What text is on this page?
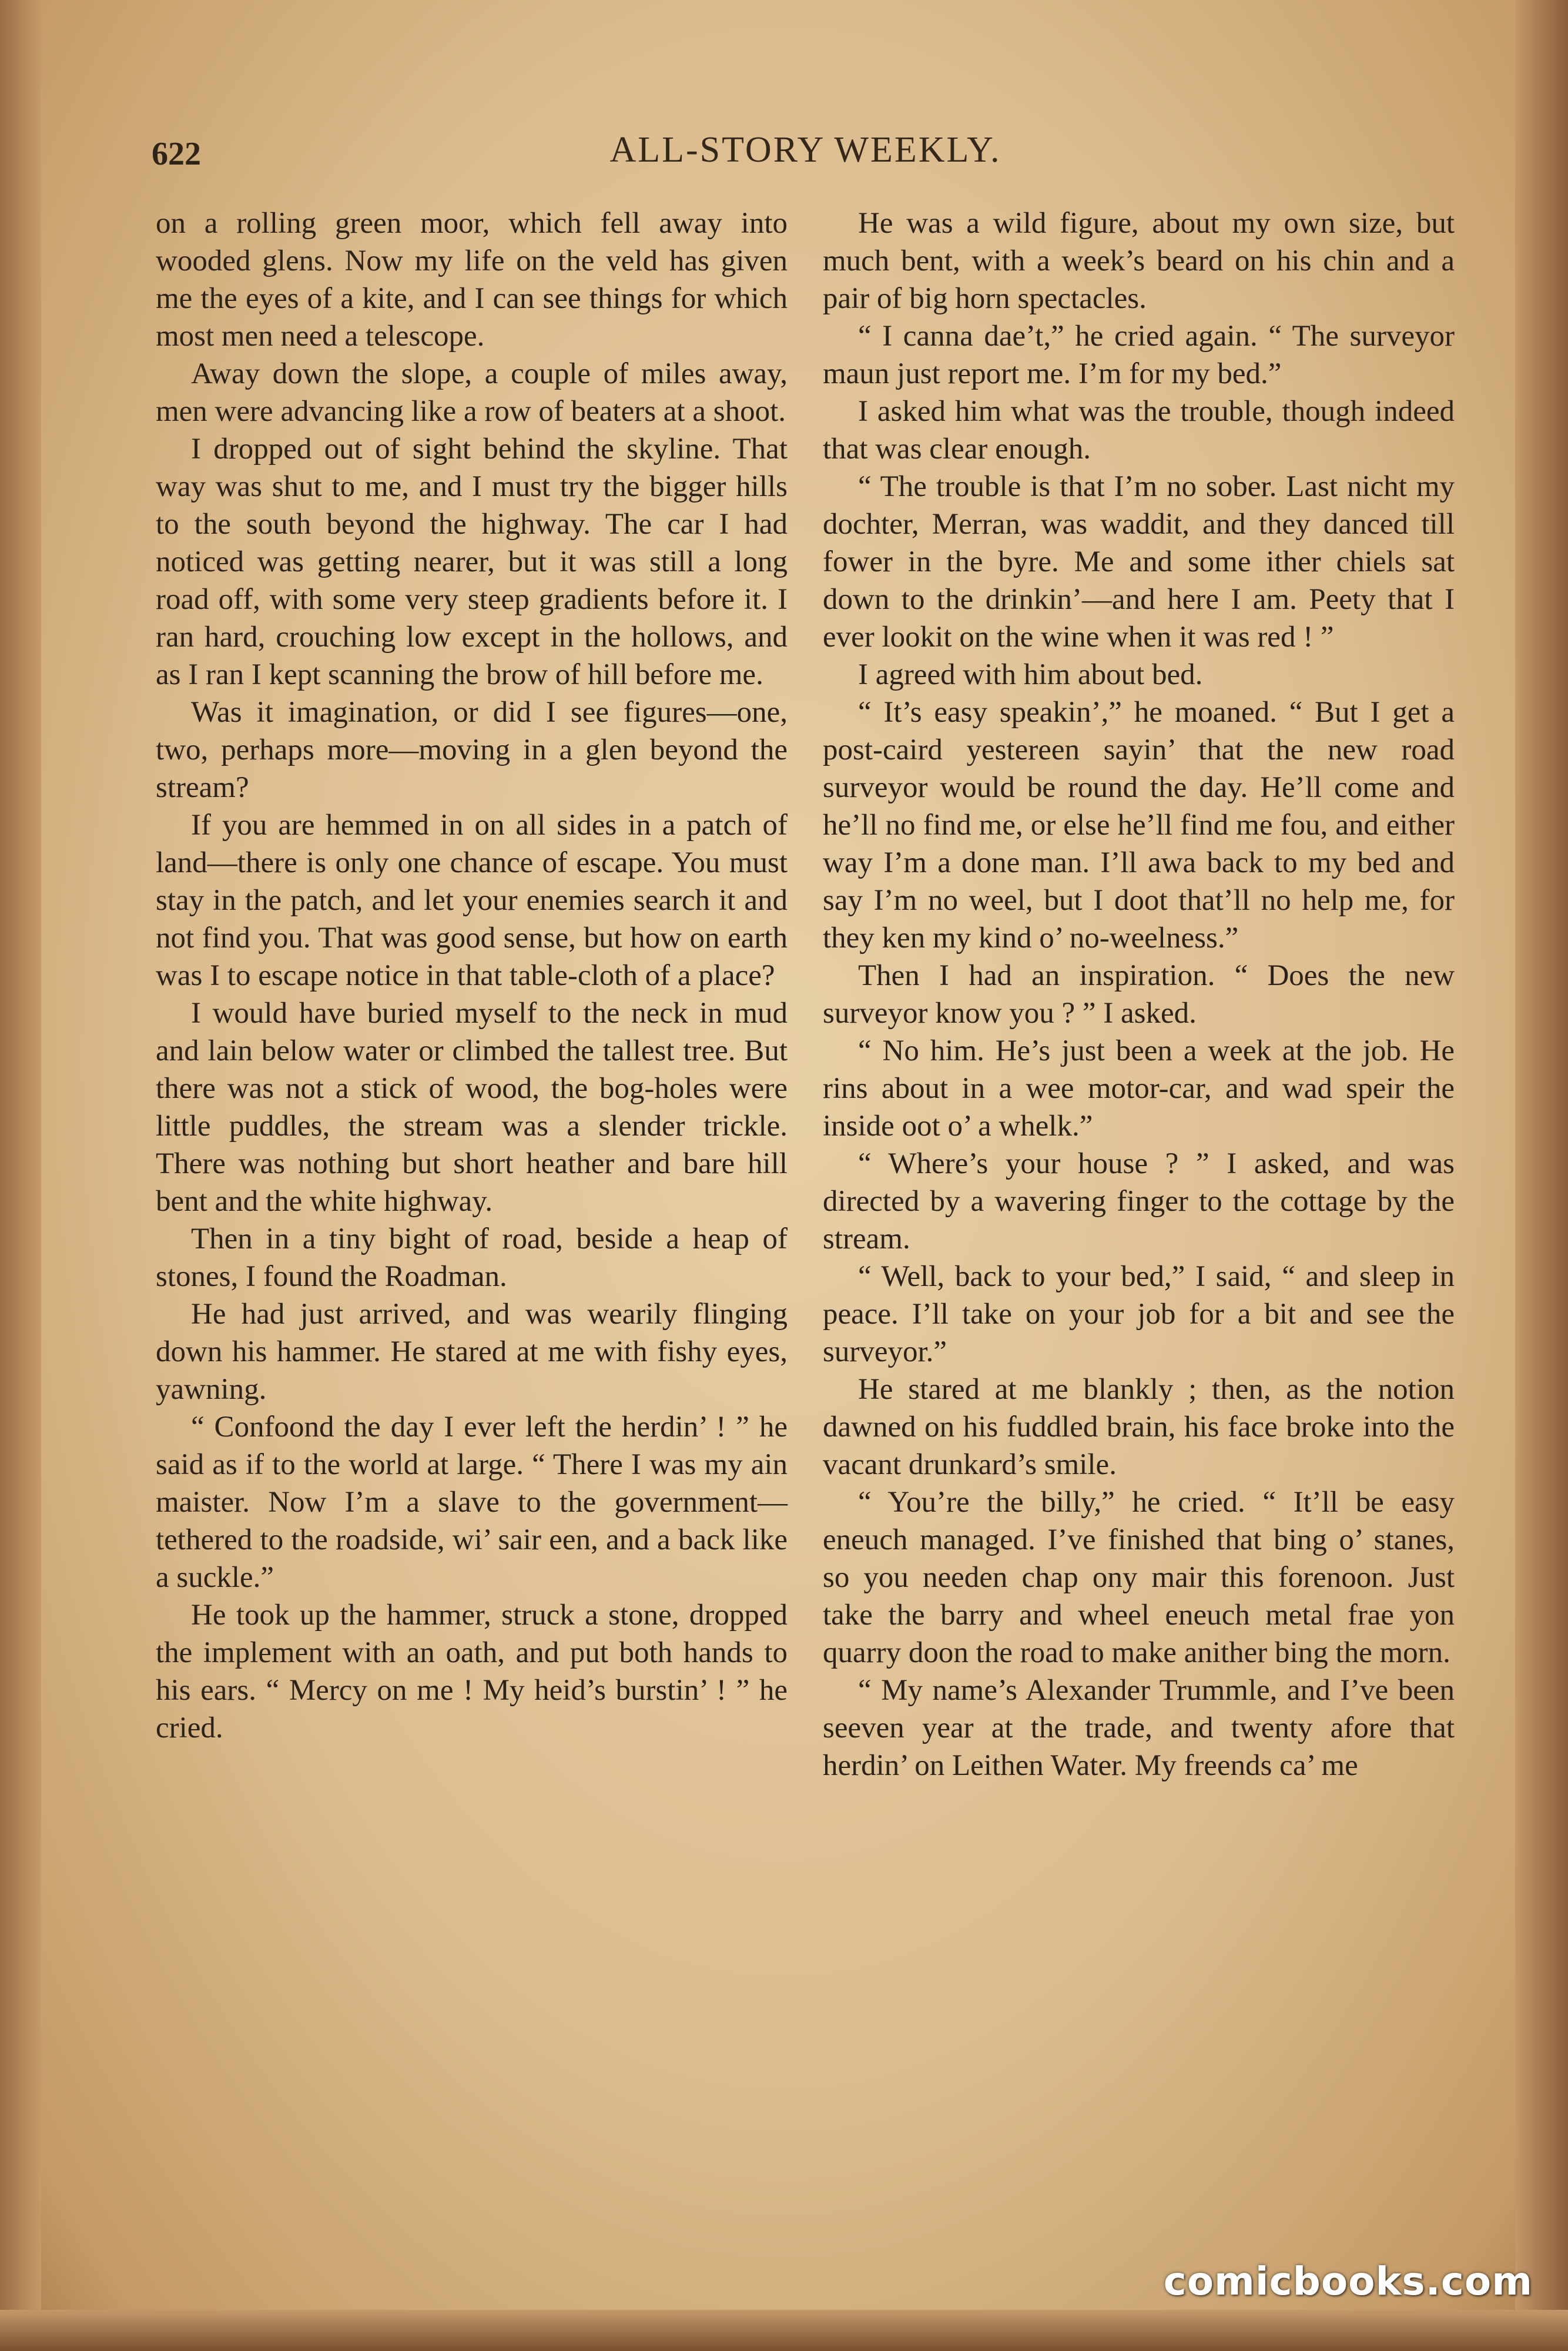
622	ALL-STORY WEEKLY.

on a rolling green moor, which fell away into wooded glens. Now my life on the veld has given me the eyes of a kite, and I can see things for which most men need a telescope.

Away down the slope, a couple of miles away, men were advancing like a row of beaters at a shoot.

I dropped out of sight behind the skyline. That way was shut to me, and I must try the bigger hills to the south beyond the highway. The car I had noticed was getting nearer, but it was still a long road off, with some very steep gradients before it. I ran hard, crouching low except in the hollows, and as I ran I kept scanning the brow of hill before me.

Was it imagination, or did I see figures—one, two, perhaps more—moving in a glen beyond the stream?

If you are hemmed in on all sides in a patch of land—there is only one chance of escape. You must stay in the patch, and let your enemies search it and not find you. That was good sense, but how on earth was I to escape notice in that table-cloth of a place?

I would have buried myself to the neck in mud and lain below water or climbed the tallest tree. But there was not a stick of wood, the bog-holes were little puddles, the stream was a slender trickle. There was nothing but short heather and bare hill bent and the white highway.

Then in a tiny bight of road, beside a heap of stones, I found the Roadman.

He had just arrived, and was wearily flinging down his hammer. He stared at me with fishy eyes, yawning.

“ Confoond the day I ever left the herdin’ ! ” he said as if to the world at large. “ There I was my ain maister. Now I’m a slave to the government—tethered to the roadside, wi’ sair een, and a back like a suckle.”

He took up the hammer, struck a stone, dropped the implement with an oath, and put both hands to his ears. “ Mercy on me ! My heid’s burstin’ ! ” he cried.

He was a wild figure, about my own size, but much bent, with a week’s beard on his chin and a pair of big horn spectacles.

“ I canna dae’t,” he cried again. “ The surveyor maun just report me. I’m for my bed.”

I asked him what was the trouble, though indeed that was clear enough.

“ The trouble is that I’m no sober. Last nicht my dochter, Merran, was waddit, and they danced till fower in the byre. Me and some ither chiels sat down to the drinkin’—and here I am. Peety that I ever lookit on the wine when it was red ! ”

I agreed with him about bed.

“ It’s easy speakin’,” he moaned. “ But I get a post-caird yestereen sayin’ that the new road surveyor would be round the day. He’ll come and he’ll no find me, or else he’ll find me fou, and either way I’m a done man. I’ll awa back to my bed and say I’m no weel, but I doot that’ll no help me, for they ken my kind o’ no-weelness.”

Then I had an inspiration. “ Does the new surveyor know you ? ” I asked.

“ No him. He’s just been a week at the job. He rins about in a wee motor-car, and wad speir the inside oot o’ a whelk.”

“ Where’s your house ? ” I asked, and was directed by a wavering finger to the cottage by the stream.

“ Well, back to your bed,” I said, “ and sleep in peace. I’ll take on your job for a bit and see the surveyor.”

He stared at me blankly ; then, as the notion dawned on his fuddled brain, his face broke into the vacant drunkard’s smile.

“ You’re the billy,” he cried. “ It’ll be easy eneuch managed. I’ve finished that bing o’ stanes, so you needen chap ony mair this forenoon. Just take the barry and wheel eneuch metal frae yon quarry doon the road to make anither bing the morn.

“ My name’s Alexander Trummle, and I’ve been seeven year at the trade, and twenty afore that herdin’ on Leithen Water. My freends ca’ me

comicbooks.com
